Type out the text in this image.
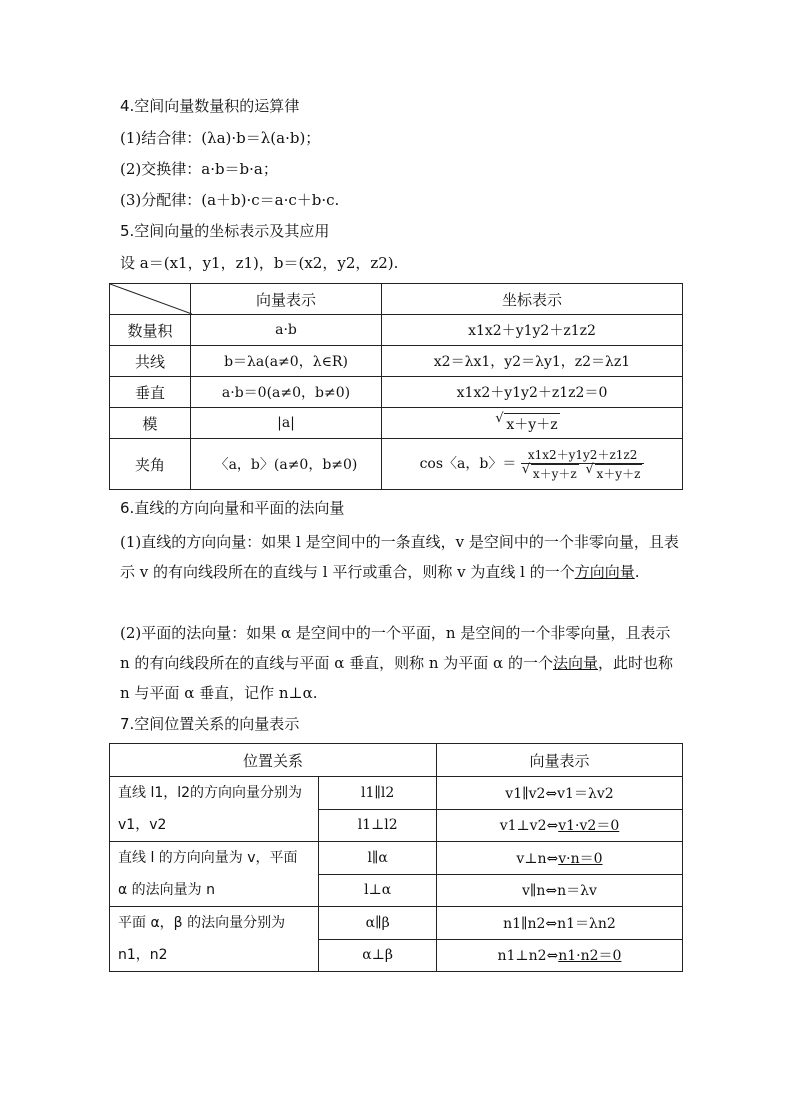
4.空间向量数量积的运算律
(1)结合律：(λa)·b＝λ(a·b)；
(2)交换律：a·b＝b·a；
(3)分配律：(a＋b)·c＝a·c＋b·c.
5.空间向量的坐标表示及其应用
设 a＝(x1，y1，z1)，b＝(x2，y2，z2).
	向量表示	坐标表示
数量积	a·b	x1x2＋y1y2＋z1z2
共线	b＝λa(a≠0，λ∈R)	x2＝λx1，y2＝λy1，z2＝λz1
垂直	a·b＝0(a≠0，b≠0)	x1x2＋y1y2＋z1z2＝0
模	|a|	√ x＋y＋z
夹角	〈a，b〉(a≠0，b≠0)	cos〈a，b〉＝ x1x2＋y1y2＋z1z2
√ x＋y＋z √ x＋y＋z
6.直线的方向向量和平面的法向量
(1)直线的方向向量：如果 l 是空间中的一条直线，v 是空间中的一个非零向量，且表示 v 的有向线段所在的直线与 l 平行或重合，则称 v 为直线 l 的一个方向向量.
(2)平面的法向量：如果 α 是空间中的一个平面，n 是空间的一个非零向量，且表示 n 的有向线段所在的直线与平面 α 垂直，则称 n 为平面 α 的一个法向量，此时也称 n 与平面 α 垂直，记作 n⊥α.
7.空间位置关系的向量表示
位置关系		向量表示
直线 l1，l2的方向向量分别为 v1，v2	l1∥l2	v1∥v2⇔v1＝λv2
	l1⊥l2	v1⊥v2⇔v1·v2＝0
直线 l 的方向向量为 v，平面 α 的法向量为 n	l∥α	v⊥n⇔v·n＝0
	l⊥α	v∥n⇔n＝λv
平面 α，β 的法向量分别为 n1，n2	α∥β	n1∥n2⇔n1＝λn2
	α⊥β	n1⊥n2⇔n1·n2＝0
